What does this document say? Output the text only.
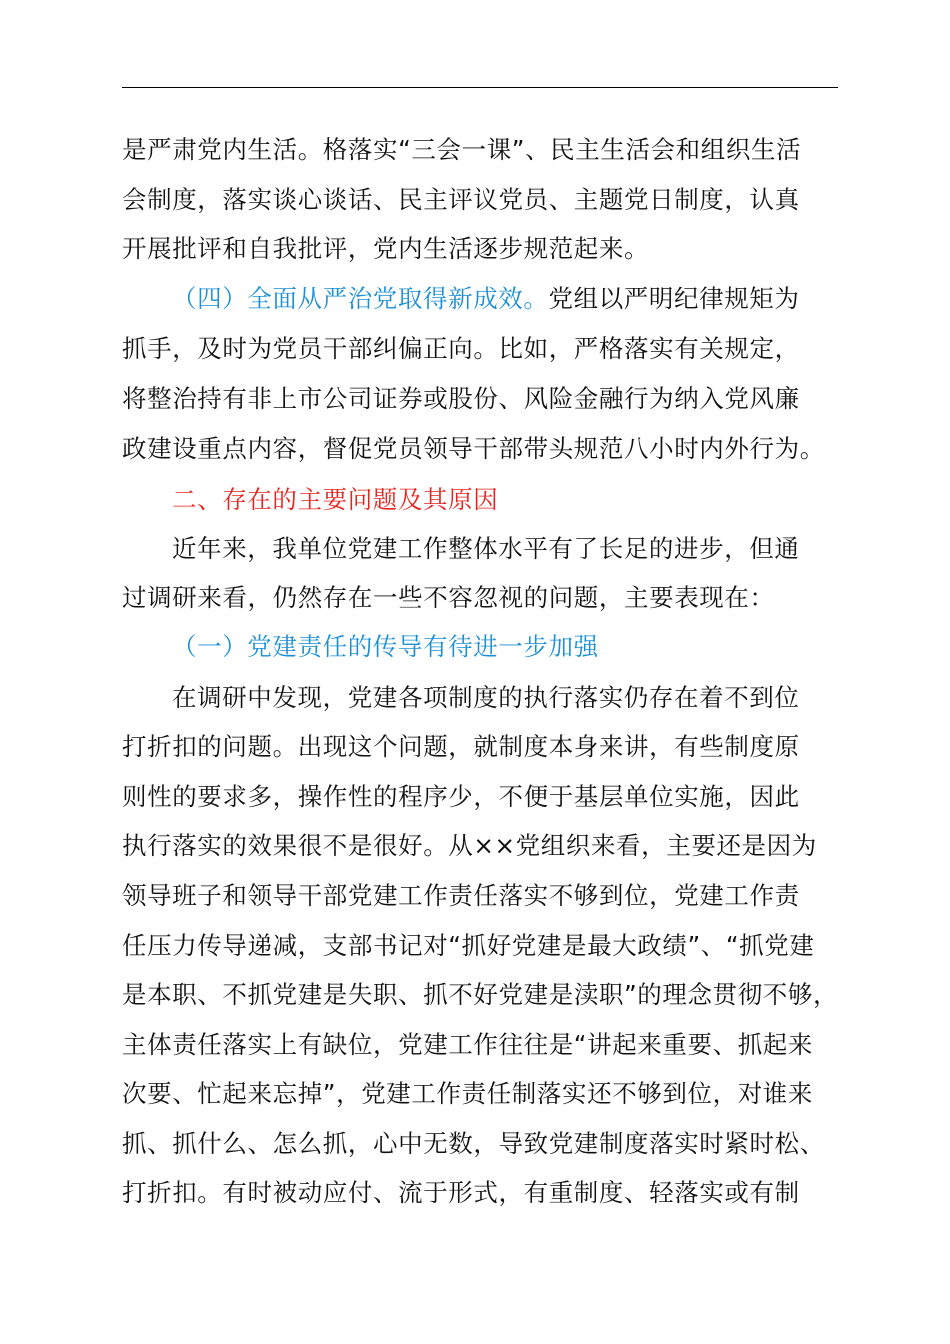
是严肃党内生活。格落实“三会一课”、民主生活会和组织生活
会制度，落实谈心谈话、民主评议党员、主题党日制度，认真
开展批评和自我批评，党内生活逐步规范起来。
（四）全面从严治党取得新成效。党组以严明纪律规矩为
抓手，及时为党员干部纠偏正向。比如，严格落实有关规定，
将整治持有非上市公司证券或股份、风险金融行为纳入党风廉
政建设重点内容，督促党员领导干部带头规范八小时内外行为。
二、存在的主要问题及其原因
近年来，我单位党建工作整体水平有了长足的进步，但通
过调研来看，仍然存在一些不容忽视的问题，主要表现在：
（一）党建责任的传导有待进一步加强
在调研中发现，党建各项制度的执行落实仍存在着不到位
打折扣的问题。出现这个问题，就制度本身来讲，有些制度原
则性的要求多，操作性的程序少，不便于基层单位实施，因此
执行落实的效果很不是很好。从××党组织来看，主要还是因为
领导班子和领导干部党建工作责任落实不够到位，党建工作责
任压力传导递减，支部书记对“抓好党建是最大政绩”、“抓党建
是本职、不抓党建是失职、抓不好党建是渎职”的理念贯彻不够，
主体责任落实上有缺位，党建工作往往是“讲起来重要、抓起来
次要、忙起来忘掉”，党建工作责任制落实还不够到位，对谁来
抓、抓什么、怎么抓，心中无数，导致党建制度落实时紧时松、
打折扣。有时被动应付、流于形式，有重制度、轻落实或有制
